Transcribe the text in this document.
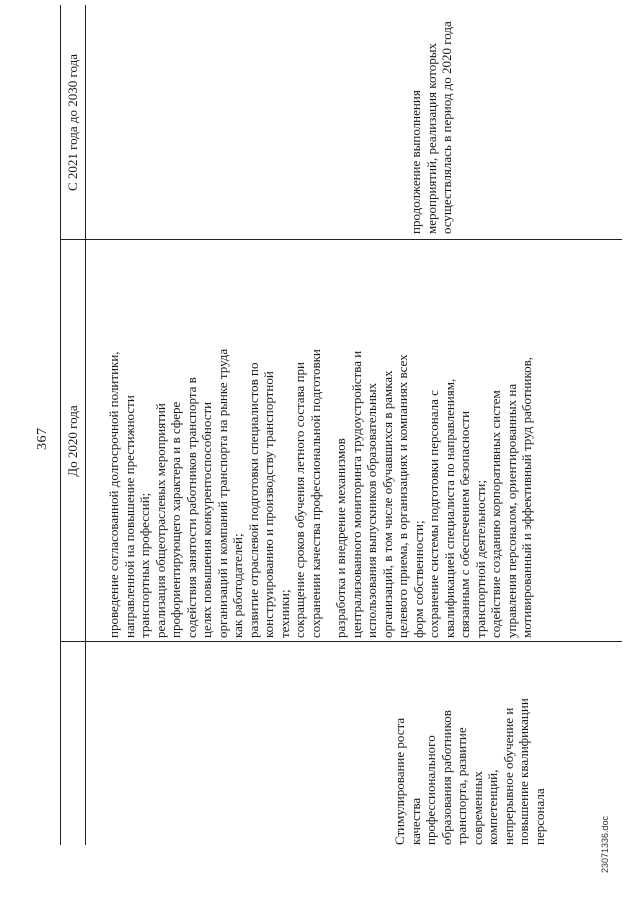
367	До 2020 года
С 2021 года до 2030 года

Стимулирование роста качества профессионального образования работников транспорта, развитие современных компетенций, непрерывное обучение и повышение квалификации персонала

проведение согласованной долгосрочной политики, направленной на повышение престижности транспортных профессий; реализация общеотраслевых мероприятий профориентирующего характера и в сфере содействия занятости работников транспорта в целях повышения конкурентоспособности организаций и компаний транспорта на рынке труда как работодателей; развитие отраслевой подготовки специалистов по конструированию и производству транспортной техники; сокращение сроков обучения летного состава при сохранении качества профессиональной подготовки разработка и внедрение механизмов централизованного мониторинга трудоустройства и использования выпускников образовательных организаций, в том числе обучавшихся в рамках целевого приема, в организациях и компаниях всех форм собственности; сохранение системы подготовки персонала с квалификацией специалиста по направлениям, связанным с обеспечением безопасности транспортной деятельности; содействие созданию корпоративных систем управления персоналом, ориентированных на мотивированный и эффективный труд работников,

продолжение выполнения мероприятий, реализация которых осуществлялась в период до 2020 года

23071336.doc
